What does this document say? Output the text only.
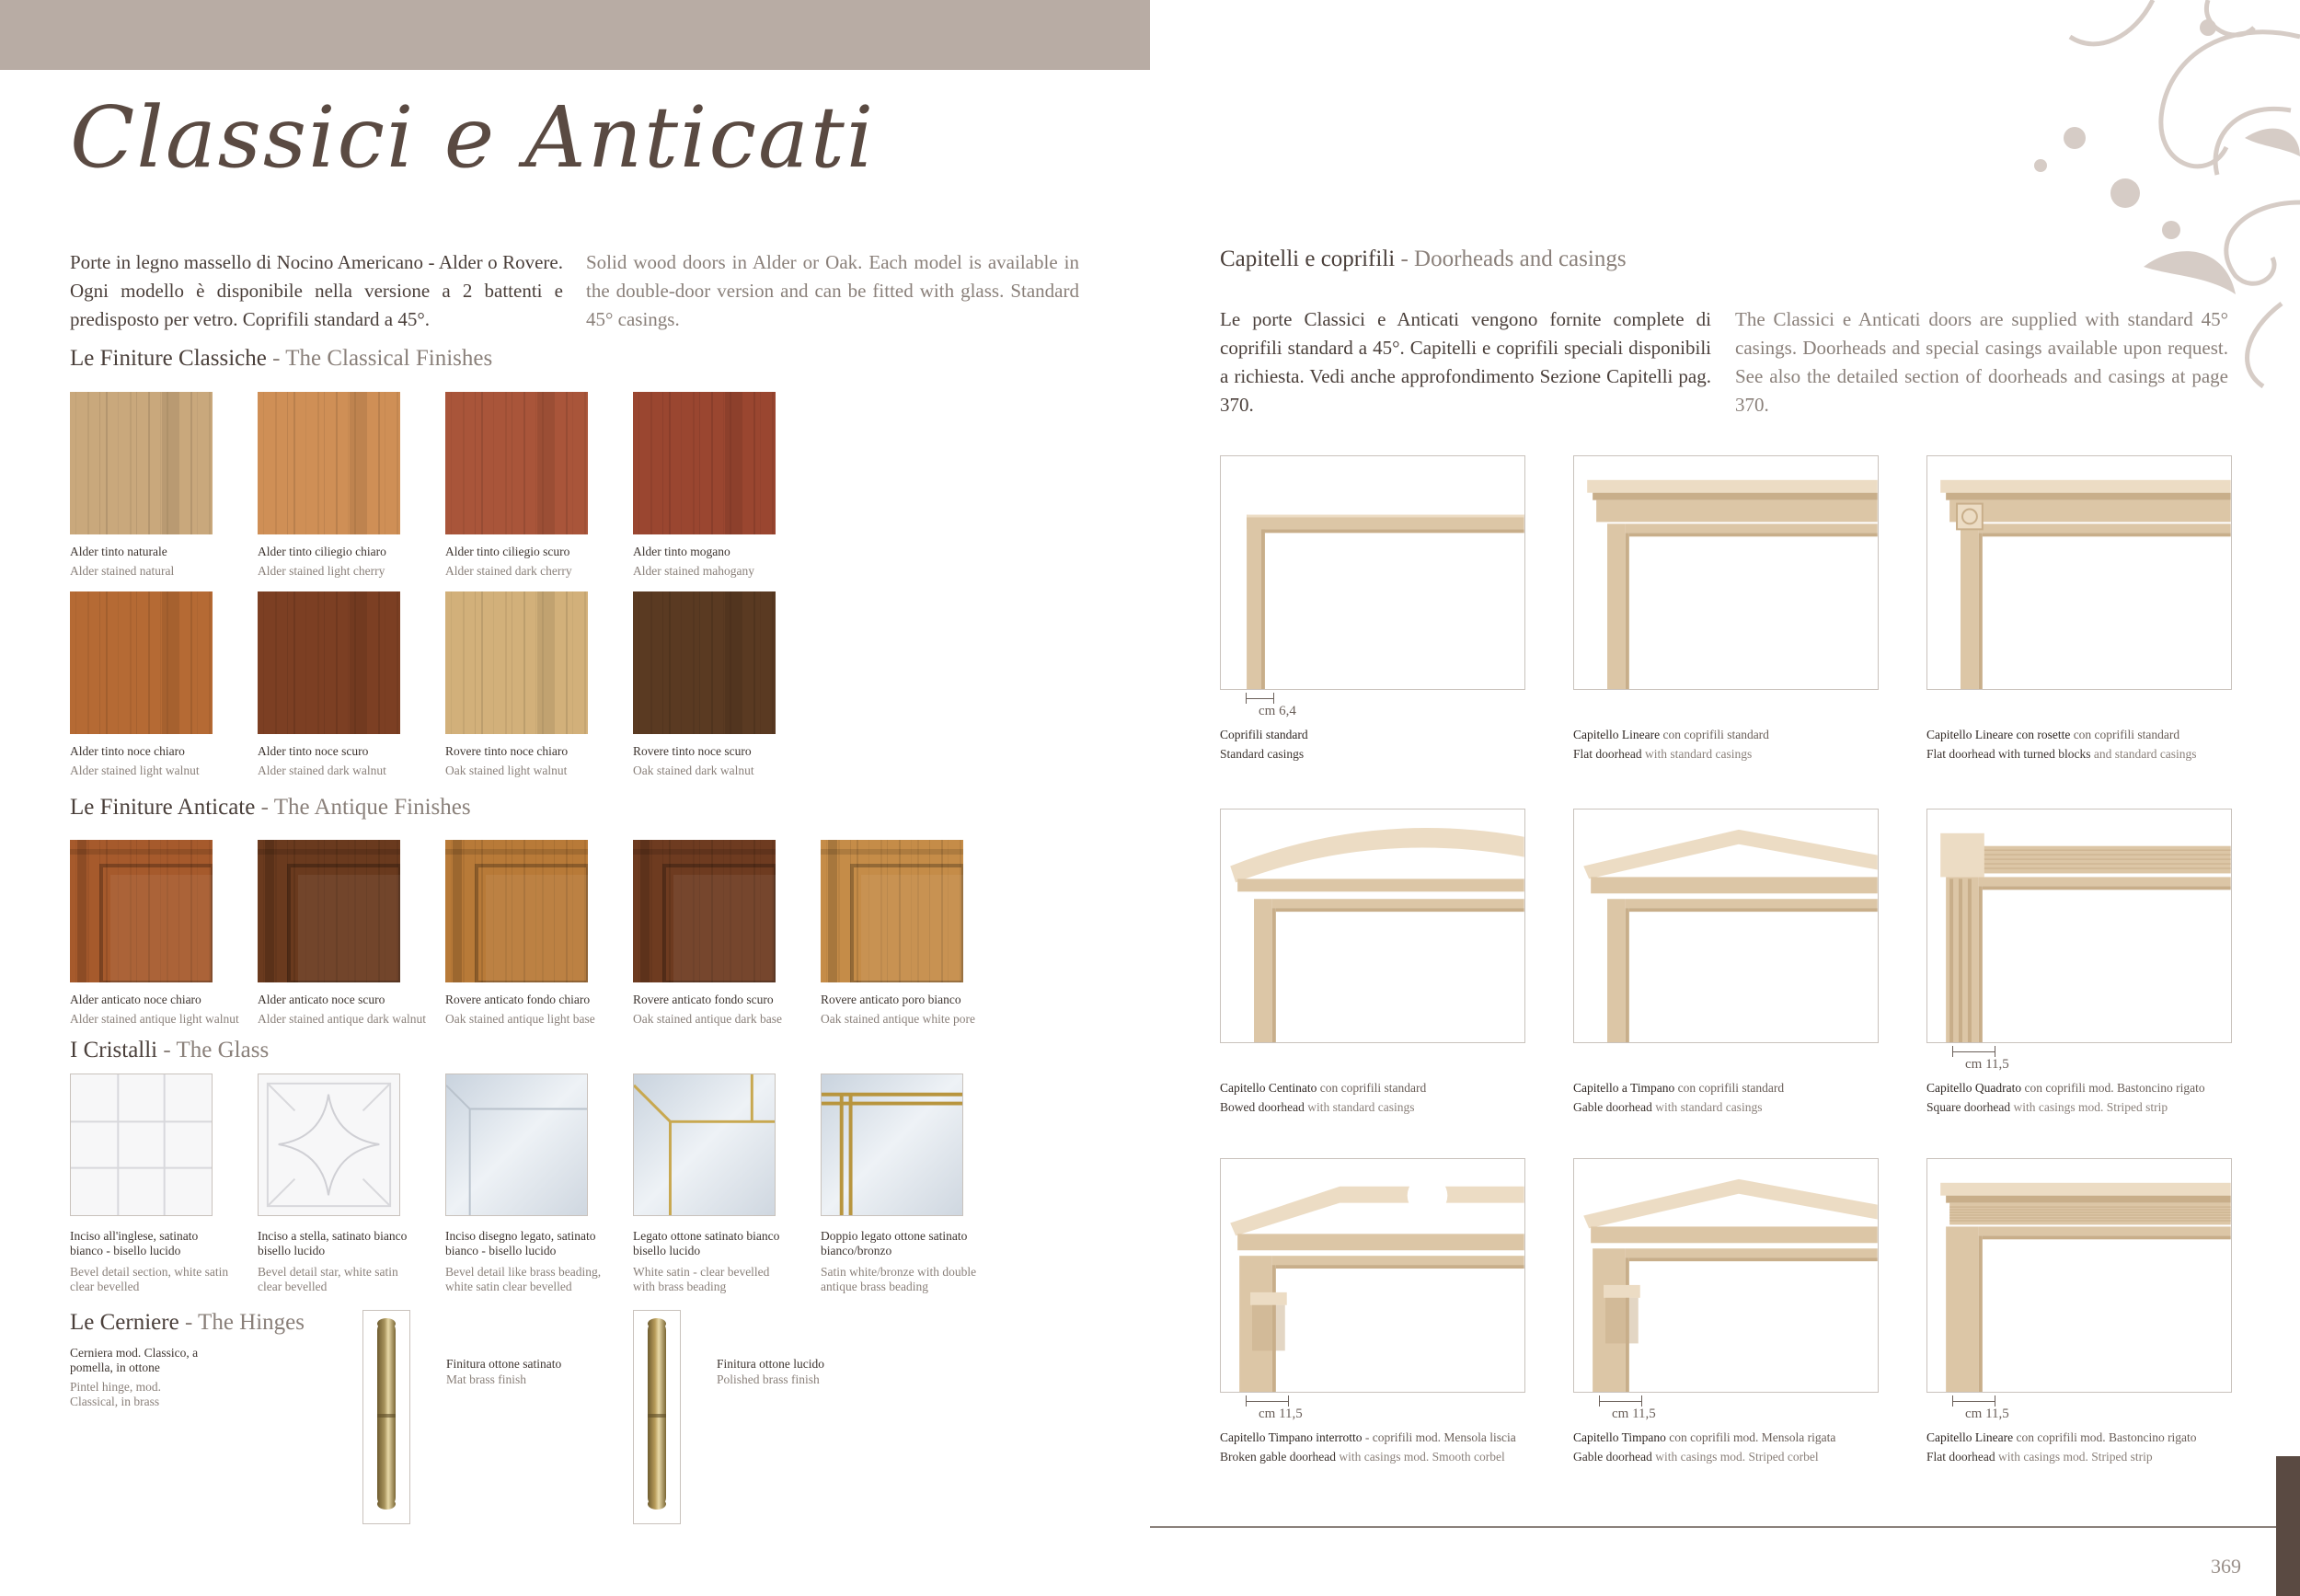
Classici e Anticati
Porte in legno massello di Nocino Americano - Alder o Rovere. Ogni modello è disponibile nella versione a 2 battenti e predisposto per vetro. Coprifili standard a 45°.
Solid wood doors in Alder or Oak. Each model is available in the double-door version and can be fitted with glass. Standard 45° casings.
Le Finiture Classiche - The Classical Finishes
Alder tinto naturale
Alder stained natural
Alder tinto ciliegio chiaro
Alder stained light cherry
Alder tinto ciliegio scuro
Alder stained dark cherry
Alder tinto mogano
Alder stained mahogany
Alder tinto noce chiaro
Alder stained light walnut
Alder tinto noce scuro
Alder stained dark walnut
Rovere tinto noce chiaro
Oak stained light walnut
Rovere tinto noce scuro
Oak stained dark walnut
Le Finiture Anticate - The Antique Finishes
Alder anticato noce chiaro
Alder stained antique light walnut
Alder anticato noce scuro
Alder stained antique dark walnut
Rovere anticato fondo chiaro
Oak stained antique light base
Rovere anticato fondo scuro
Oak stained antique dark base
Rovere anticato poro bianco
Oak stained antique white pore
I Cristalli - The Glass
Inciso all'inglese, satinato bianco - bisello lucido
Bevel detail section, white satin clear bevelled
Inciso a stella, satinato bianco bisello lucido
Bevel detail star, white satin clear bevelled
Inciso disegno legato, satinato bianco - bisello lucido
Bevel detail like brass beading, white satin clear bevelled
Legato ottone satinato bianco bisello lucido
White satin - clear bevelled with brass beading
Doppio legato ottone satinato bianco/bronzo
Satin white/bronze with double antique brass beading
Le Cerniere - The Hinges
Cerniera mod. Classico, a pomella, in ottone
Pintel hinge, mod. Classical, in brass
Finitura ottone satinato
Mat brass finish
Finitura ottone lucido
Polished brass finish
Capitelli e coprifili - Doorheads and casings
Le porte Classici e Anticati vengono fornite complete di coprifili standard a 45°. Capitelli e coprifili speciali disponibili a richiesta. Vedi anche approfondimento Sezione Capitelli pag. 370.
The Classici e Anticati doors are supplied with standard 45° casings. Doorheads and special casings available upon request. See also the detailed section of doorheads and casings at page 370.
cm 6,4
Coprifili standard
Standard casings
Capitello Lineare con coprifili standard
Flat doorhead with standard casings
Capitello Lineare con rosette con coprifili standard
Flat doorhead with turned blocks and standard casings
Capitello Centinato con coprifili standard
Bowed doorhead with standard casings
Capitello a Timpano con coprifili standard
Gable doorhead with standard casings
cm 11,5
Capitello Quadrato con coprifili mod. Bastoncino rigato
Square doorhead with casings mod. Striped strip
cm 11,5
Capitello Timpano interrotto - coprifili mod. Mensola liscia
Broken gable doorhead with casings mod. Smooth corbel
cm 11,5
Capitello Timpano con coprifili mod. Mensola rigata
Gable doorhead with casings mod. Striped corbel
cm 11,5
Capitello Lineare con coprifili mod. Bastoncino rigato
Flat doorhead with casings mod. Striped strip
369
